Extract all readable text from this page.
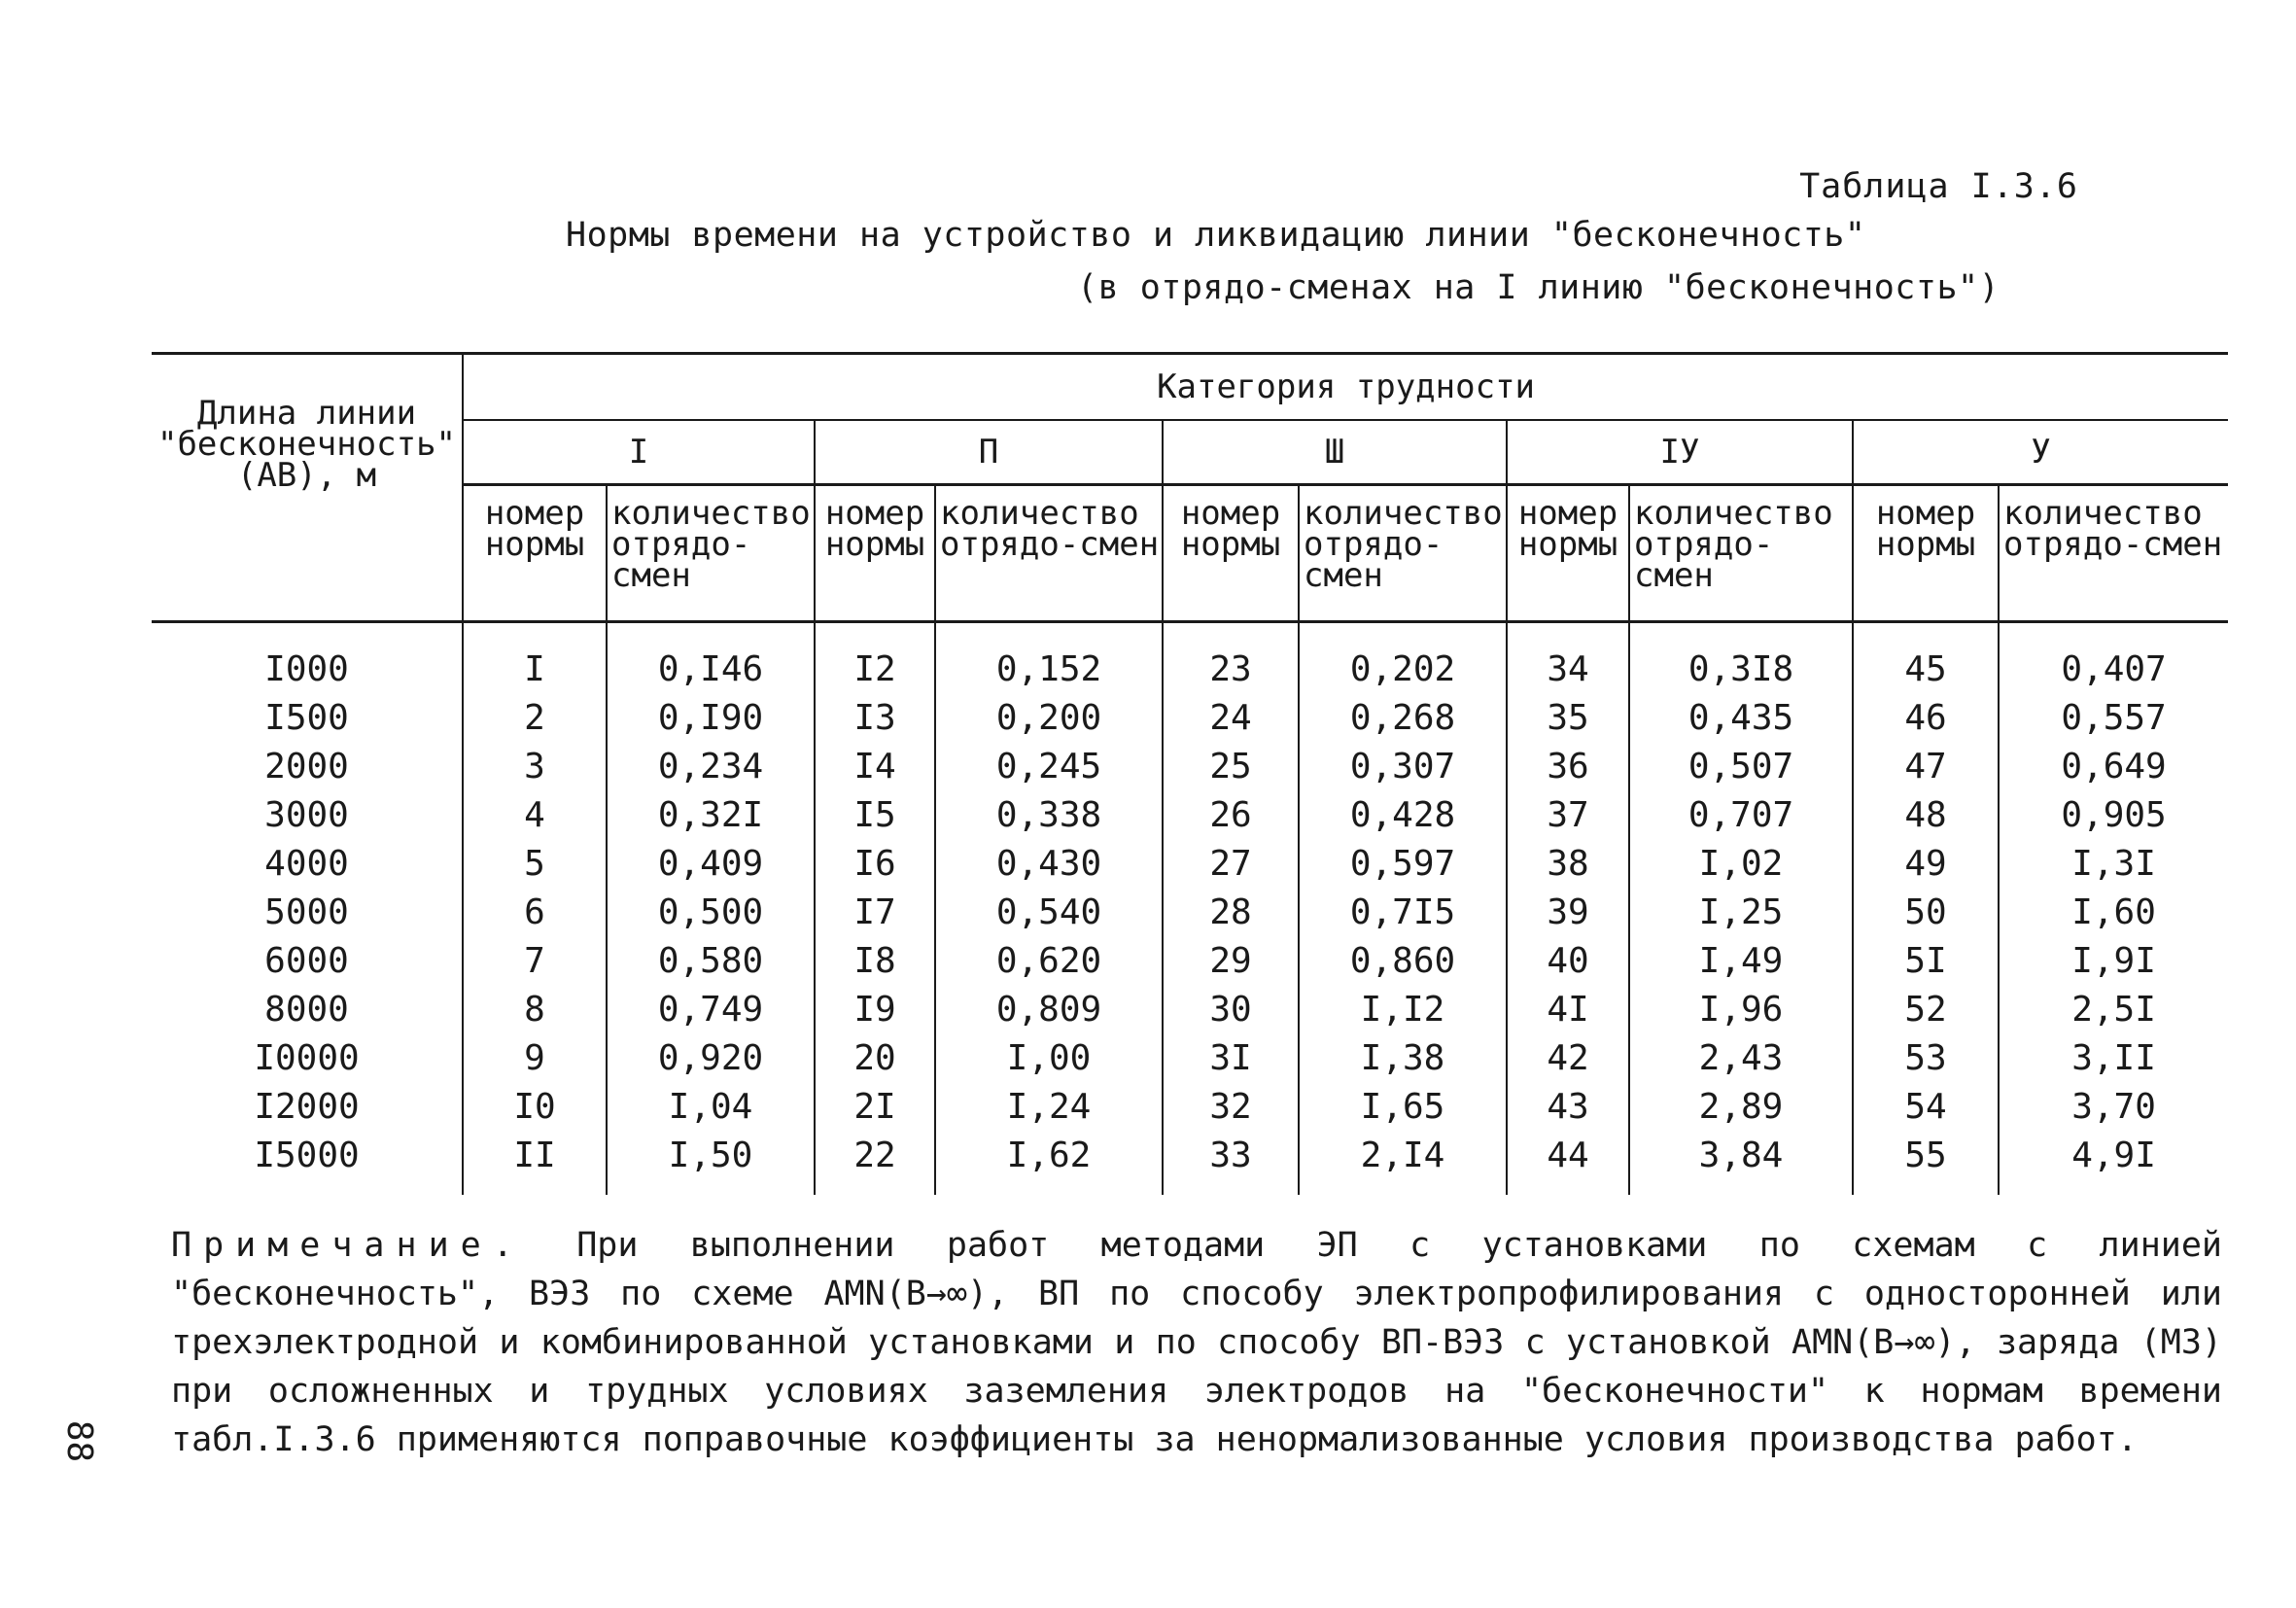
Таблица I.3.6
Нормы времени на устройство и ликвидацию линии "бесконечность"
(в отрядо-сменах на I линию "бесконечность")
Длина линии "бесконечность" (АВ), м	Категория трудности									
	I		П		Ш		IУ		У	
	номер нормы	количество отрядо-смен	номер нормы	количество отрядо-смен	номер нормы	количество отрядо-смен	номер нормы	количество отрядо-смен	номер нормы	количество отрядо-смен
I000	I	0,I46	I2	0,152	23	0,202	34	0,3I8	45	0,407
I500	2	0,I90	I3	0,200	24	0,268	35	0,435	46	0,557
2000	3	0,234	I4	0,245	25	0,307	36	0,507	47	0,649
3000	4	0,32I	I5	0,338	26	0,428	37	0,707	48	0,905
4000	5	0,409	I6	0,430	27	0,597	38	I,02	49	I,3I
5000	6	0,500	I7	0,540	28	0,7I5	39	I,25	50	I,60
6000	7	0,580	I8	0,620	29	0,860	40	I,49	5I	I,9I
8000	8	0,749	I9	0,809	30	I,I2	4I	I,96	52	2,5I
I0000	9	0,920	20	I,00	3I	I,38	42	2,43	53	3,II
I2000	I0	I,04	2I	I,24	32	I,65	43	2,89	54	3,70
I5000	II	I,50	22	I,62	33	2,I4	44	3,84	55	4,9I
Примечание. При выполнении работ методами ЭП с установками по схемам с линией "бесконечность", ВЭЗ по схеме AMN(B→∞), ВП по способу электропрофилирования с односторонней или трехэлектродной и комбинированной установками и по способу ВП-ВЭЗ с установкой AMN(B→∞), заряда (МЗ) при осложненных и трудных условиях заземления электродов на "бесконечности" к нормам времени табл.I.3.6 применяются поправочные коэффициенты за ненормализованные условия производства работ.
88
